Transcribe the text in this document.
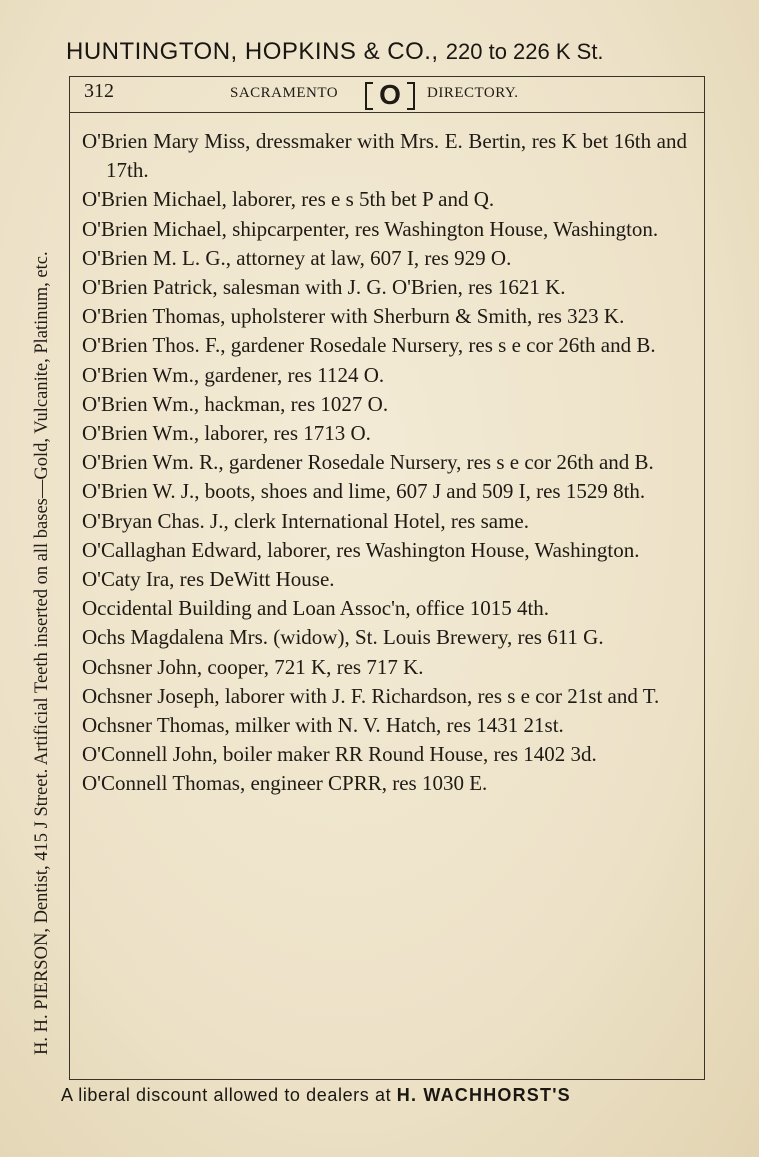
HUNTINGTON, HOPKINS & CO., 220 to 226 K St.
H. H. PIERSON, Dentist, 415 J Street. Artificial Teeth inserted on all bases—Gold, Vulcanite, Platinum, etc.
312	SACRAMENTO	O	DIRECTORY.
O'Brien Mary Miss, dressmaker with Mrs. E. Bertin, res K bet 16th and 17th.
O'Brien Michael, laborer, res e s 5th bet P and Q.
O'Brien Michael, shipcarpenter, res Washington House, Washington.
O'Brien M. L. G., attorney at law, 607 I, res 929 O.
O'Brien Patrick, salesman with J. G. O'Brien, res 1621 K.
O'Brien Thomas, upholsterer with Sherburn & Smith, res 323 K.
O'Brien Thos. F., gardener Rosedale Nursery, res s e cor 26th and B.
O'Brien Wm., gardener, res 1124 O.
O'Brien Wm., hackman, res 1027 O.
O'Brien Wm., laborer, res 1713 O.
O'Brien Wm. R., gardener Rosedale Nursery, res s e cor 26th and B.
O'Brien W. J., boots, shoes and lime, 607 J and 509 I, res 1529 8th.
O'Bryan Chas. J., clerk International Hotel, res same.
O'Callaghan Edward, laborer, res Washington House, Washington.
O'Caty Ira, res DeWitt House.
Occidental Building and Loan Assoc'n, office 1015 4th.
Ochs Magdalena Mrs. (widow), St. Louis Brewery, res 611 G.
Ochsner John, cooper, 721 K, res 717 K.
Ochsner Joseph, laborer with J. F. Richardson, res s e cor 21st and T.
Ochsner Thomas, milker with N. V. Hatch, res 1431 21st.
O'Connell John, boiler maker RR Round House, res 1402 3d.
O'Connell Thomas, engineer CPRR, res 1030 E.
A liberal discount allowed to dealers at H. WACHHORST'S
